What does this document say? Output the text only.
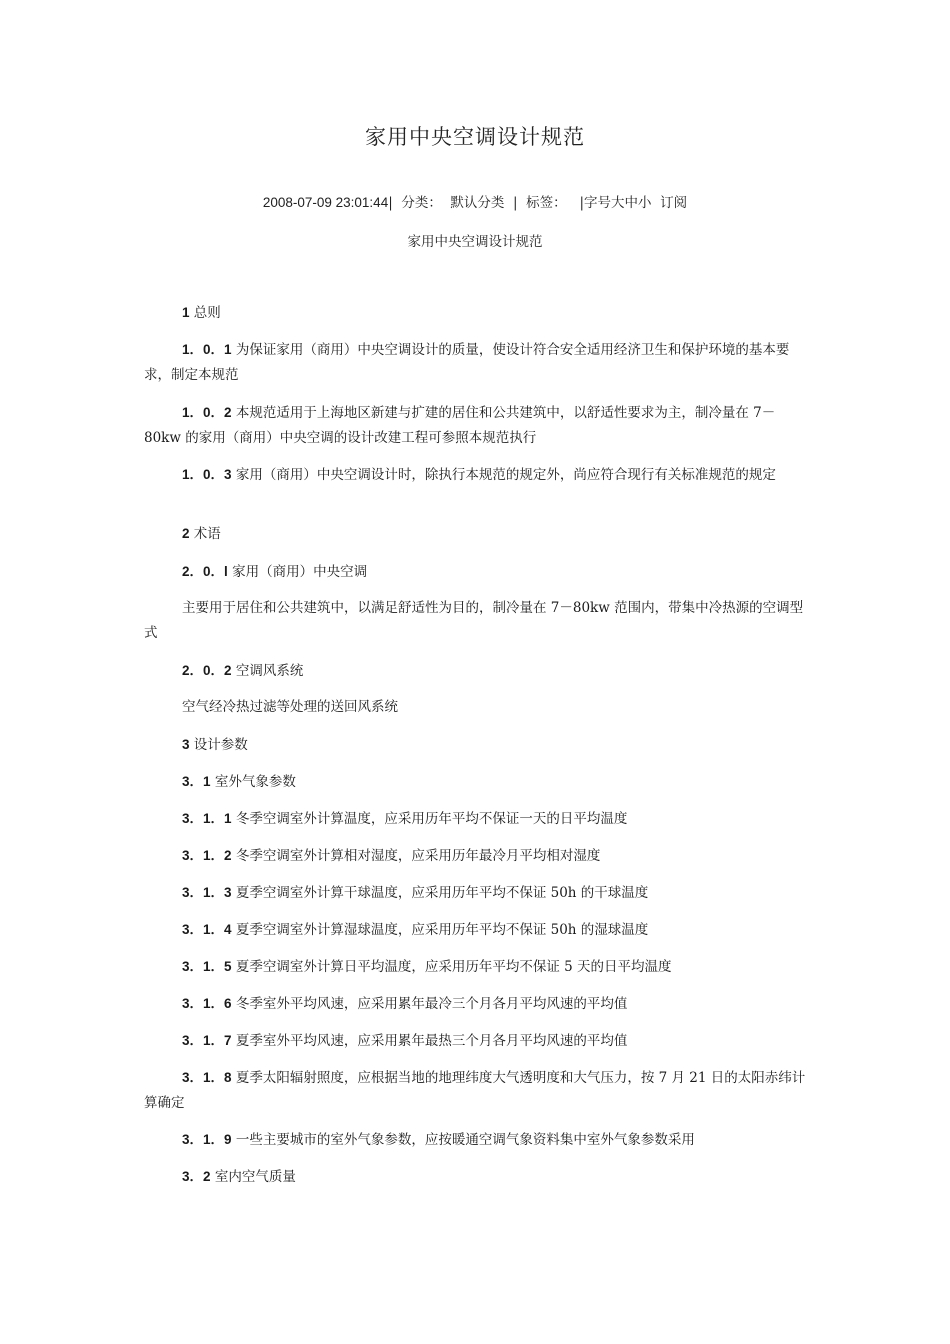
家用中央空调设计规范
2008-07-09 23:01:44|  分类：  默认分类  |  标签：   |字号大中小  订阅
家用中央空调设计规范

1 总则

1．0．1 为保证家用（商用）中央空调设计的质量，使设计符合安全适用经济卫生和保护环境的基本要求，制定本规范

1．0．2 本规范适用于上海地区新建与扩建的居住和公共建筑中，以舒适性要求为主，制冷量在 7－80kw 的家用（商用）中央空调的设计改建工程可参照本规范执行

1．0．3 家用（商用）中央空调设计时，除执行本规范的规定外，尚应符合现行有关标准规范的规定

2 术语

2．0．l 家用（商用）中央空调

主要用于居住和公共建筑中，以满足舒适性为目的，制冷量在 7－80kw 范围内，带集中冷热源的空调型式

2．0．2 空调风系统

空气经冷热过滤等处理的送回风系统

3 设计参数

3．1 室外气象参数

3．1．1 冬季空调室外计算温度，应采用历年平均不保证一天的日平均温度

3．1．2 冬季空调室外计算相对湿度，应采用历年最冷月平均相对湿度

3．1．3 夏季空调室外计算干球温度，应采用历年平均不保证 50h 的干球温度

3．1．4 夏季空调室外计算湿球温度，应采用历年平均不保证 50h 的湿球温度

3．1．5 夏季空调室外计算日平均温度，应采用历年平均不保证 5 天的日平均温度

3．1．6 冬季室外平均风速，应采用累年最冷三个月各月平均风速的平均值

3．1．7 夏季室外平均风速，应采用累年最热三个月各月平均风速的平均值

3．1．8 夏季太阳辐射照度，应根据当地的地理纬度大气透明度和大气压力，按 7 月 21 日的太阳赤纬计算确定

3．1．9 一些主要城市的室外气象参数，应按暖通空调气象资料集中室外气象参数采用

3．2 室内空气质量
